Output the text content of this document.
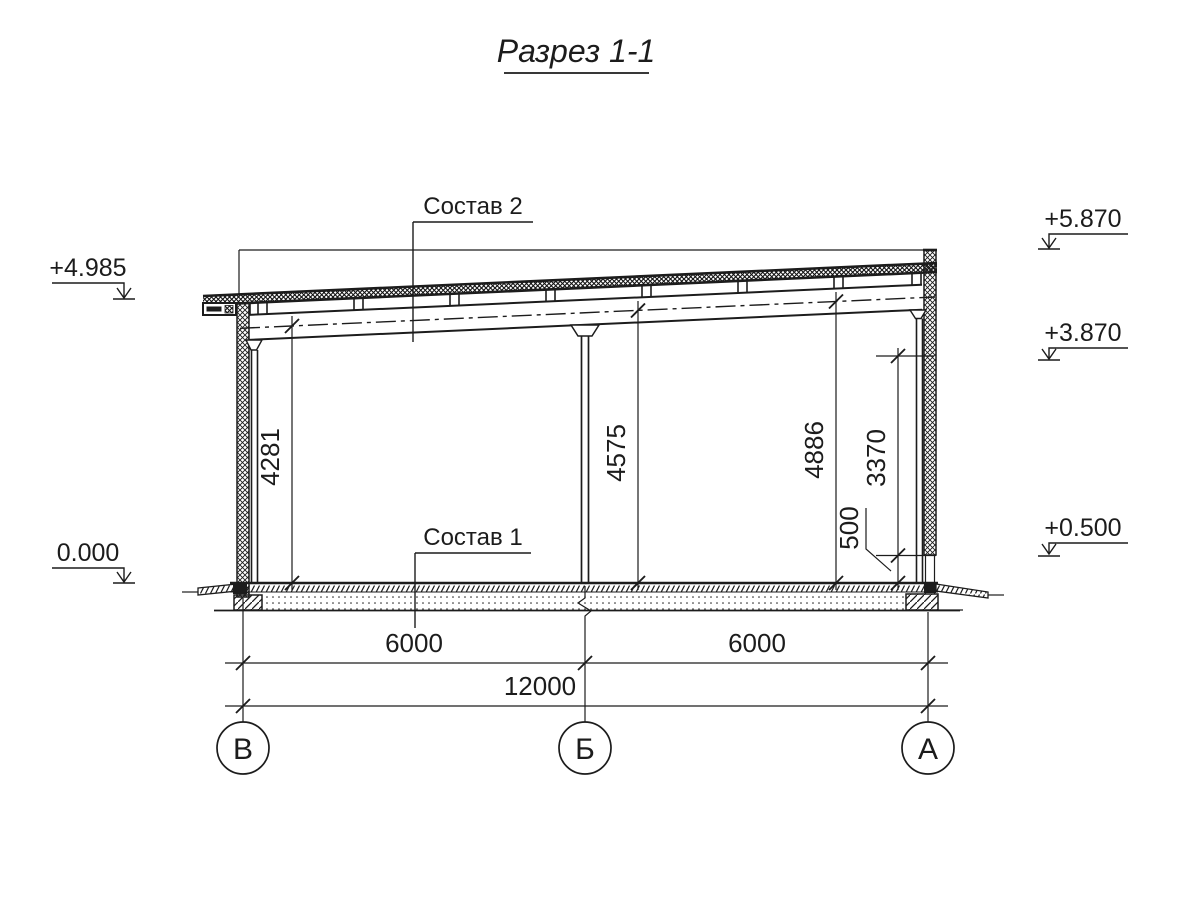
Разрез 1-1
Состав 2
Состав 1
+4.985
0.000
+5.870
+3.870
+0.500
4281	4575	4886 3370
500
6000	6000
12000
В	Б	А
